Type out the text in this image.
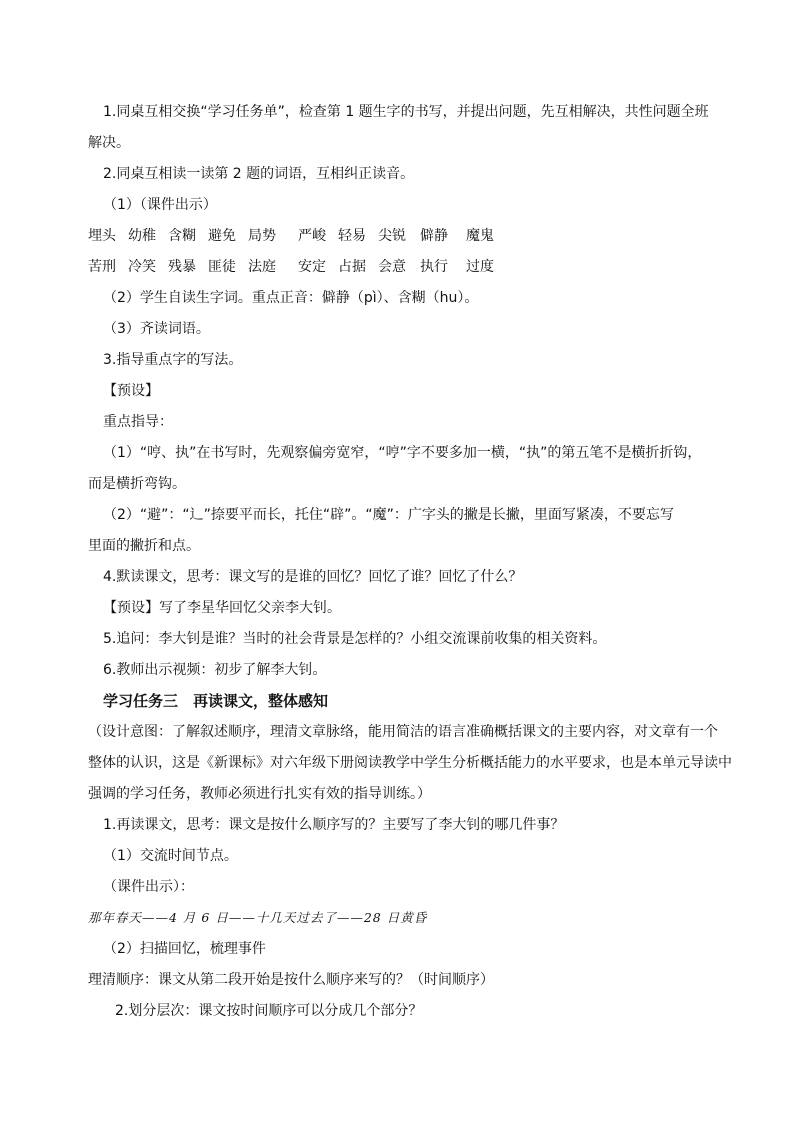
1.同桌互相交换“学习任务单”，检查第 1 题生字的书写，并提出问题，先互相解决，共性问题全班
解决。
2.同桌互相读一读第 2 题的词语，互相纠正读音。
（1）（课件出示）
埋头 幼稚 含糊 避免 局势 严峻 轻易 尖锐 僻静 魔鬼
苦刑 冷笑 残暴 匪徒 法庭 安定 占据 会意 执行 过度
（2）学生自读生字词。重点正音：僻静（pì）、含糊（hu）。
（3）齐读词语。
3.指导重点字的写法。
【预设】
重点指导：
（1）“哼、执”在书写时，先观察偏旁宽窄，“哼”字不要多加一横，“执”的第五笔不是横折折钩，
而是横折弯钩。
（2）“避”：“辶”捺要平而长，托住“辟”。“魔”：广字头的撇是长撇，里面写紧凑，不要忘写
里面的撇折和点。
4.默读课文，思考：课文写的是谁的回忆？回忆了谁？回忆了什么？
【预设】写了李星华回忆父亲李大钊。
5.追问：李大钊是谁？当时的社会背景是怎样的？小组交流课前收集的相关资料。
6.教师出示视频：初步了解李大钊。
学习任务三　再读课文，整体感知
（设计意图：了解叙述顺序，理清文章脉络，能用简洁的语言准确概括课文的主要内容，对文章有一个
整体的认识，这是《新课标》对六年级下册阅读教学中学生分析概括能力的水平要求，也是本单元导读中
强调的学习任务，教师必须进行扎实有效的指导训练。）
1.再读课文，思考：课文是按什么顺序写的？主要写了李大钊的哪几件事？
（1）交流时间节点。
（课件出示）：
那年春天——4 月 6 日——十几天过去了——28 日黄昏
（2）扫描回忆，梳理事件
理清顺序：课文从第二段开始是按什么顺序来写的？（时间顺序）
2.划分层次：课文按时间顺序可以分成几个部分？
